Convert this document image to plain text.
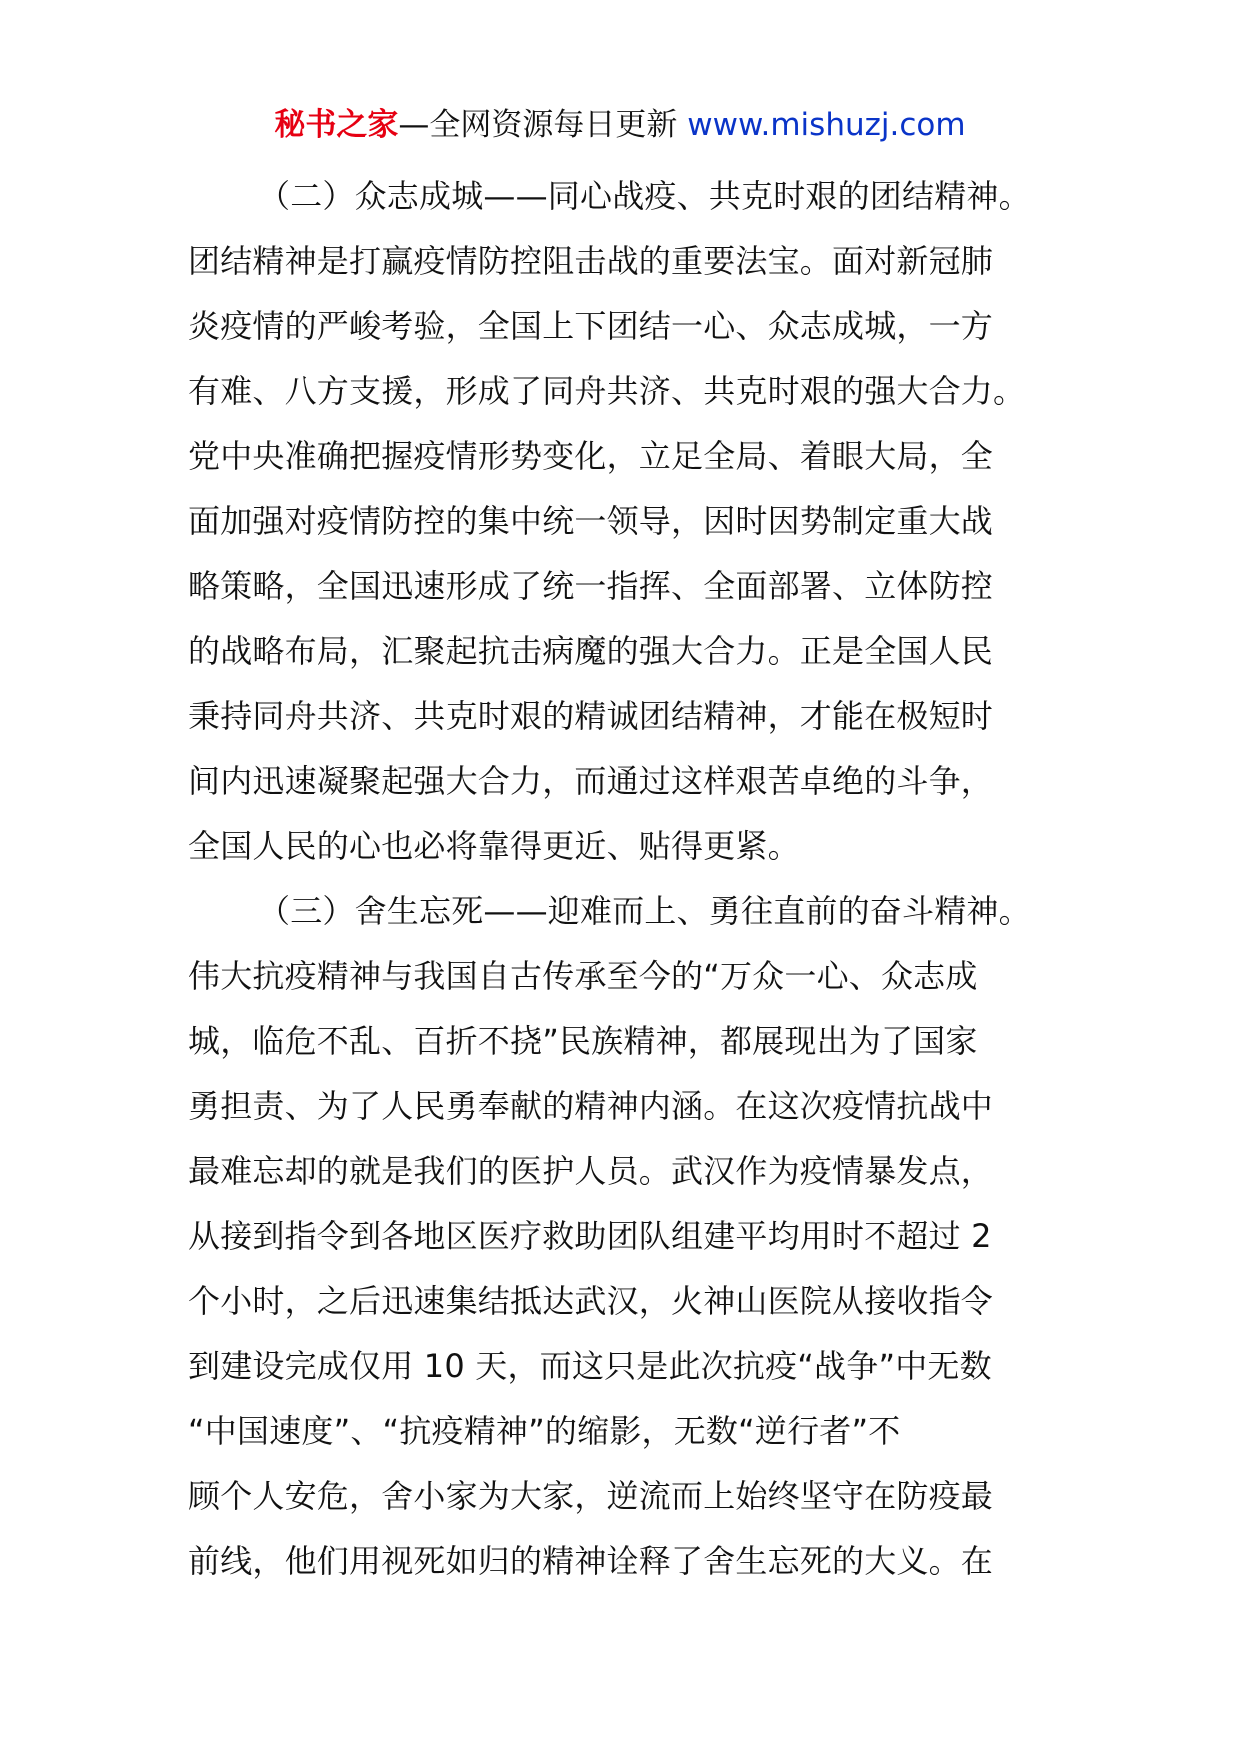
秘书之家—全网资源每日更新 www.mishuzj.com
（二）众志成城——同心战疫、共克时艰的团结精神。
团结精神是打赢疫情防控阻击战的重要法宝。面对新冠肺
炎疫情的严峻考验，全国上下团结一心、众志成城，一方
有难、八方支援，形成了同舟共济、共克时艰的强大合力。
党中央准确把握疫情形势变化，立足全局、着眼大局，全
面加强对疫情防控的集中统一领导，因时因势制定重大战
略策略，全国迅速形成了统一指挥、全面部署、立体防控
的战略布局，汇聚起抗击病魔的强大合力。正是全国人民
秉持同舟共济、共克时艰的精诚团结精神，才能在极短时
间内迅速凝聚起强大合力，而通过这样艰苦卓绝的斗争，
全国人民的心也必将靠得更近、贴得更紧。
（三）舍生忘死——迎难而上、勇往直前的奋斗精神。
伟大抗疫精神与我国自古传承至今的“万众一心、众志成
城，临危不乱、百折不挠”民族精神，都展现出为了国家
勇担责、为了人民勇奉献的精神内涵。在这次疫情抗战中
最难忘却的就是我们的医护人员。武汉作为疫情暴发点，
从接到指令到各地区医疗救助团队组建平均用时不超过 2
个小时，之后迅速集结抵达武汉，火神山医院从接收指令
到建设完成仅用 10 天，而这只是此次抗疫“战争”中无数
“中国速度”、“抗疫精神”的缩影，无数“逆行者”不
顾个人安危，舍小家为大家，逆流而上始终坚守在防疫最
前线，他们用视死如归的精神诠释了舍生忘死的大义。在
